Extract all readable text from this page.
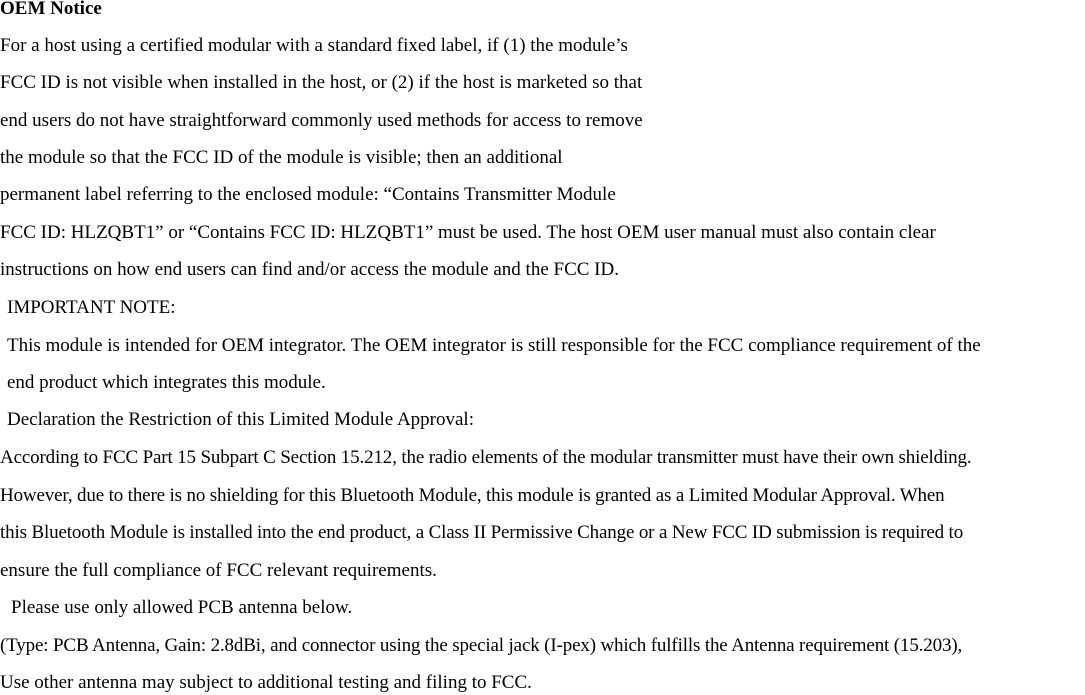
OEM Notice
For a host using a certified modular with a standard fixed label, if (1) the module’s
FCC ID is not visible when installed in the host, or (2) if the host is marketed so that
end users do not have straightforward commonly used methods for access to remove
the module so that the FCC ID of the module is visible; then an additional
permanent label referring to the enclosed module: “Contains Transmitter Module
FCC ID: HLZQBT1” or “Contains FCC ID: HLZQBT1” must be used. The host OEM user manual must also contain clear
instructions on how end users can find and/or access the module and the FCC ID.
IMPORTANT NOTE:
This module is intended for OEM integrator. The OEM integrator is still responsible for the FCC compliance requirement of the
end product which integrates this module.
Declaration the Restriction of this Limited Module Approval:
According to FCC Part 15 Subpart C Section 15.212, the radio elements of the modular transmitter must have their own shielding.
However, due to there is no shielding for this Bluetooth Module, this module is granted as a Limited Modular Approval. When
this Bluetooth Module is installed into the end product, a Class II Permissive Change or a New FCC ID submission is required to
ensure the full compliance of FCC relevant requirements.
Please use only allowed PCB antenna below.
(Type: PCB Antenna, Gain: 2.8dBi, and connector using the special jack (I-pex) which fulfills the Antenna requirement (15.203),
Use other antenna may subject to additional testing and filing to FCC.
